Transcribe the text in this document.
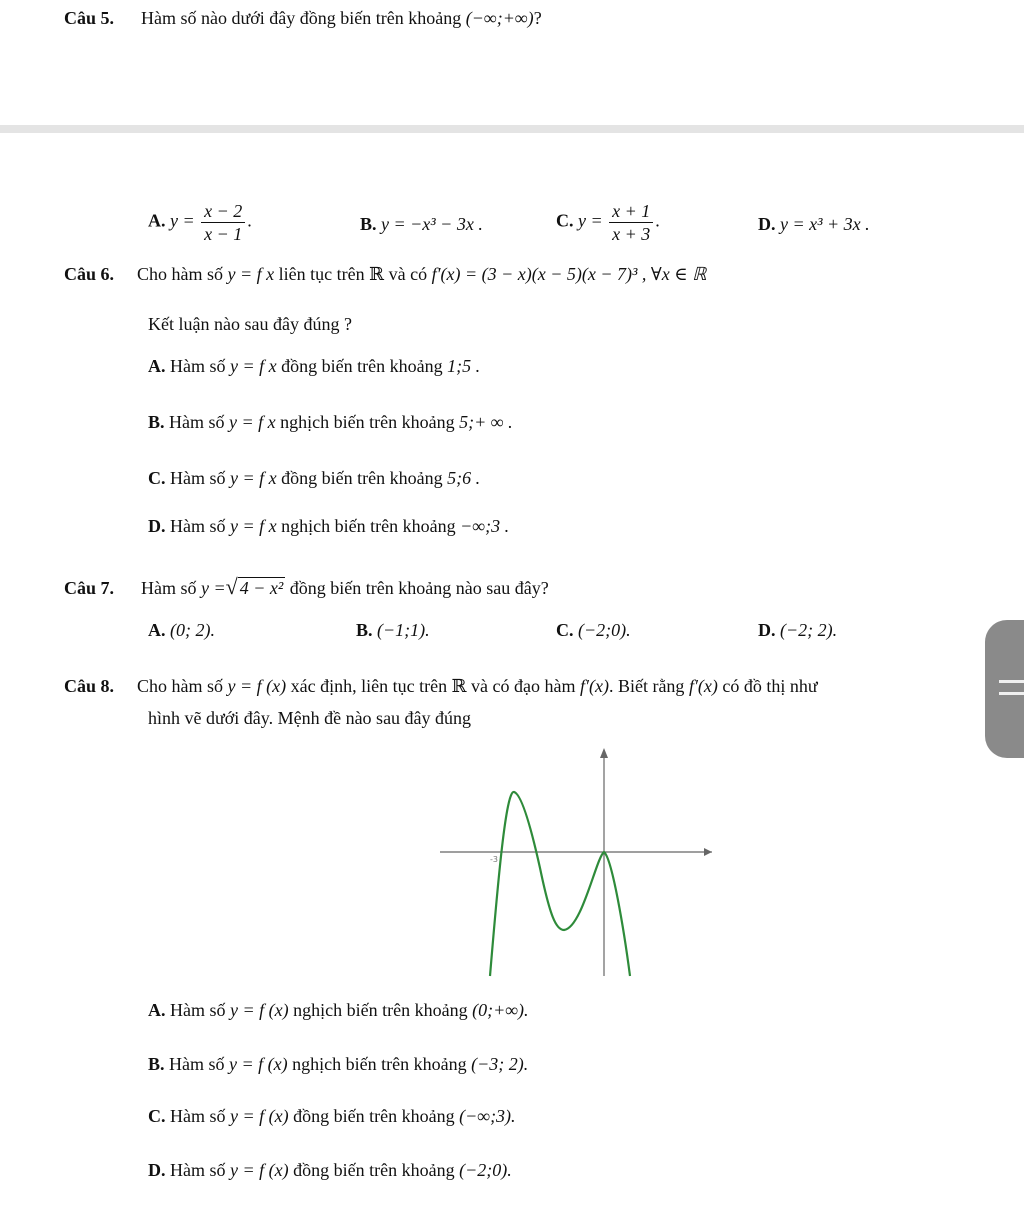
Câu 5. Hàm số nào dưới đây đồng biến trên khoảng (−∞;+∞)?
A. $y = \frac{x - 2}{x - 1}$ .	B. y = −x³ − 3x .	C. $y = \frac{x + 1}{x + 3}$ .	D. y = x³ + 3x .
Câu 6. Cho hàm số y = f x liên tục trên ℝ và có f′(x) = (3 − x)(x − 5)(x − 7)³ , ∀x ∈ ℝ
Kết luận nào sau đây đúng ?
A. Hàm số y = f x đồng biến trên khoảng 1;5 .
B. Hàm số y = f x nghịch biến trên khoảng 5;+ ∞ .
C. Hàm số y = f x đồng biến trên khoảng 5;6 .
D. Hàm số y = f x nghịch biến trên khoảng −∞;3 .
Câu 7. Hàm số y =√ 4 − x² đồng biến trên khoảng nào sau đây?
A. (0; 2).	B. (−1;1).	C. (−2;0).	D. (−2; 2).
Câu 8. Cho hàm số y = f (x) xác định, liên tục trên ℝ và có đạo hàm f′(x). Biết rằng f′(x) có đồ thị như
hình vẽ dưới đây. Mệnh đề nào sau đây đúng
-3
A. Hàm số y = f (x) nghịch biến trên khoảng (0;+∞).
B. Hàm số y = f (x) nghịch biến trên khoảng (−3; 2).
C. Hàm số y = f (x) đồng biến trên khoảng (−∞;3).
D. Hàm số y = f (x) đồng biến trên khoảng (−2;0).
